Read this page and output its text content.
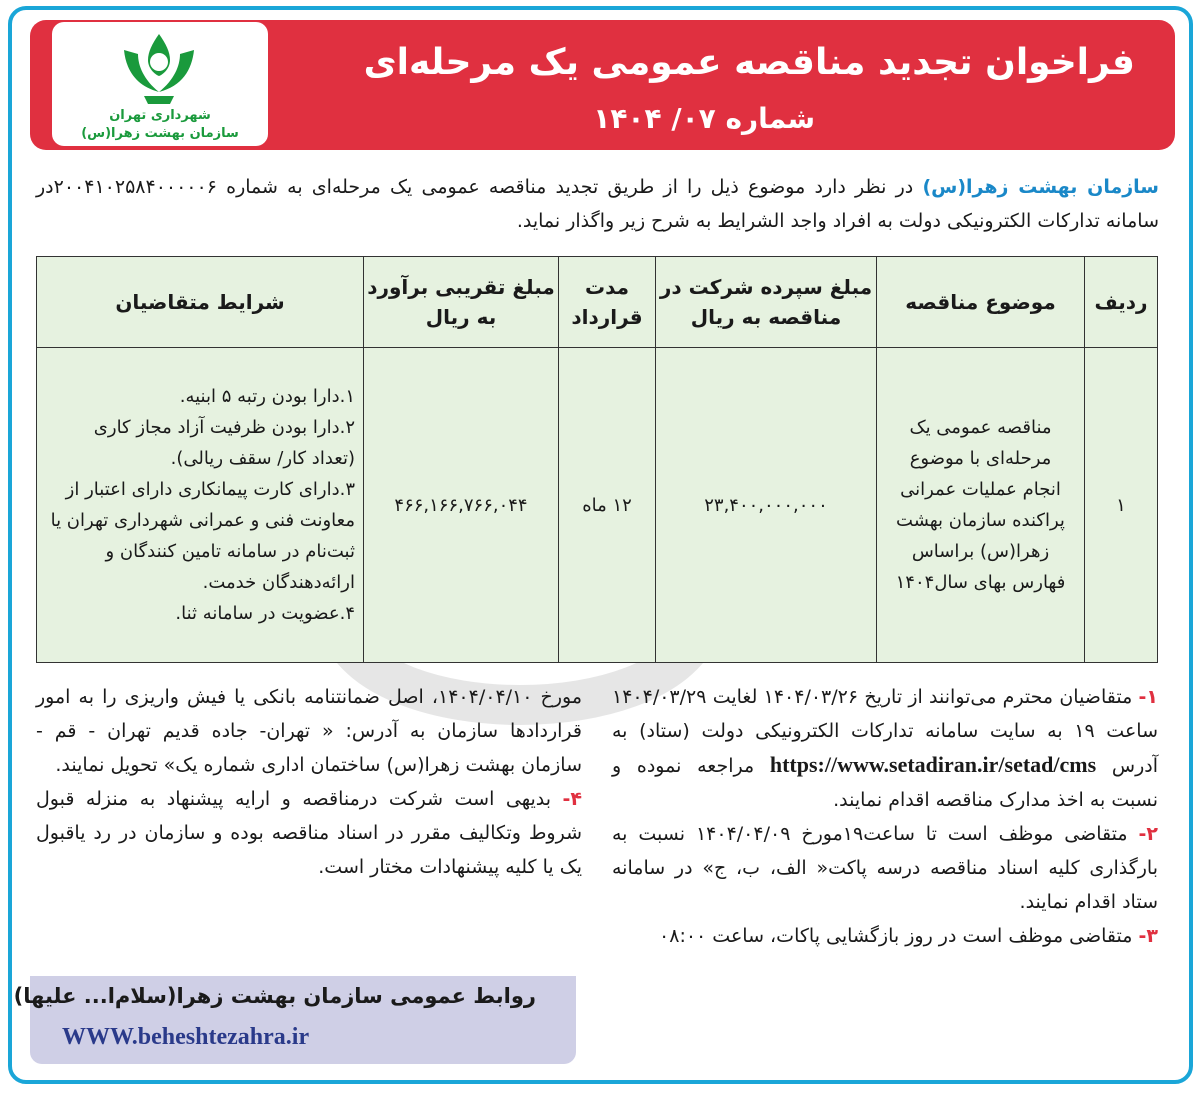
فراخوان تجدید مناقصه عمومی یک مرحله‌ای
شماره ۰۷/ ۱۴۰۴
شهرداری تهران
سازمان بهشت زهرا(س)
سازمان بهشت زهرا(س) در نظر دارد موضوع ذیل را از طریق تجدید مناقصه عمومی یک مرحله‌ای به شماره ۲۰۰۴۱۰۲۵۸۴۰۰۰۰۰۶در سامانه تدارکات الکترونیکی دولت به افراد واجد الشرایط به شرح زیر واگذار نماید.
ردیف	موضوع مناقصه	مبلغ سپرده شرکت در مناقصه به ریال	مدت قرارداد	مبلغ تقریبی برآورد به ریال	شرایط متقاضیان
۱	مناقصه عمومی یک مرحله‌ای با موضوع انجام عملیات عمرانی پراکنده سازمان بهشت زهرا(س) براساس فهارس بهای سال۱۴۰۴	۲۳,۴۰۰,۰۰۰,۰۰۰	۱۲ ماه	۴۶۶,۱۶۶,۷۶۶,۰۴۴	۱.دارا بودن رتبه ۵ ابنیه.
۲.دارا بودن ظرفیت آزاد مجاز کاری (تعداد کار/ سقف ریالی).
۳.دارای کارت پیمانکاری دارای اعتبار از معاونت فنی و عمرانی شهرداری تهران یا ثبت‌نام در سامانه تامین کنندگان و ارائه‌دهندگان خدمت.
۴.عضویت در سامانه ثنا.
۱- متقاضیان محترم می‌توانند از تاریخ ۱۴۰۴/۰۳/۲۶ لغایت ۱۴۰۴/۰۳/۲۹ ساعت ۱۹ به سایت سامانه تدارکات الکترونیکی دولت (ستاد) به آدرس https://www.setadiran.ir/setad/cms مراجعه نموده و نسبت به اخذ مدارک مناقصه اقدام نمایند.
۲- متقاضی موظف است تا ساعت۱۹مورخ ۱۴۰۴/۰۴/۰۹ نسبت به بارگذاری کلیه اسناد مناقصه درسه پاکت« الف، ب، ج» در سامانه ستاد اقدام نمایند.
۳- متقاضی موظف است در روز بازگشایی پاکات، ساعت ۰۸:۰۰
مورخ ۱۴۰۴/۰۴/۱۰، اصل ضمانتنامه بانکی یا فیش واریزی را به امور قراردادها سازمان به آدرس: « تهران- جاده قدیم تهران - قم - سازمان بهشت زهرا(س) ساختمان اداری شماره یک» تحویل نمایند.
۴- بدیهی است شرکت درمناقصه و ارایه پیشنهاد به منزله قبول شروط وتکالیف مقرر در اسناد مناقصه بوده و سازمان در رد یاقبول یک یا کلیه پیشنهادات مختار است.
روابط عمومی سازمان بهشت زهرا(سلام‌ا... علیها)
WWW.beheshtezahra.ir
